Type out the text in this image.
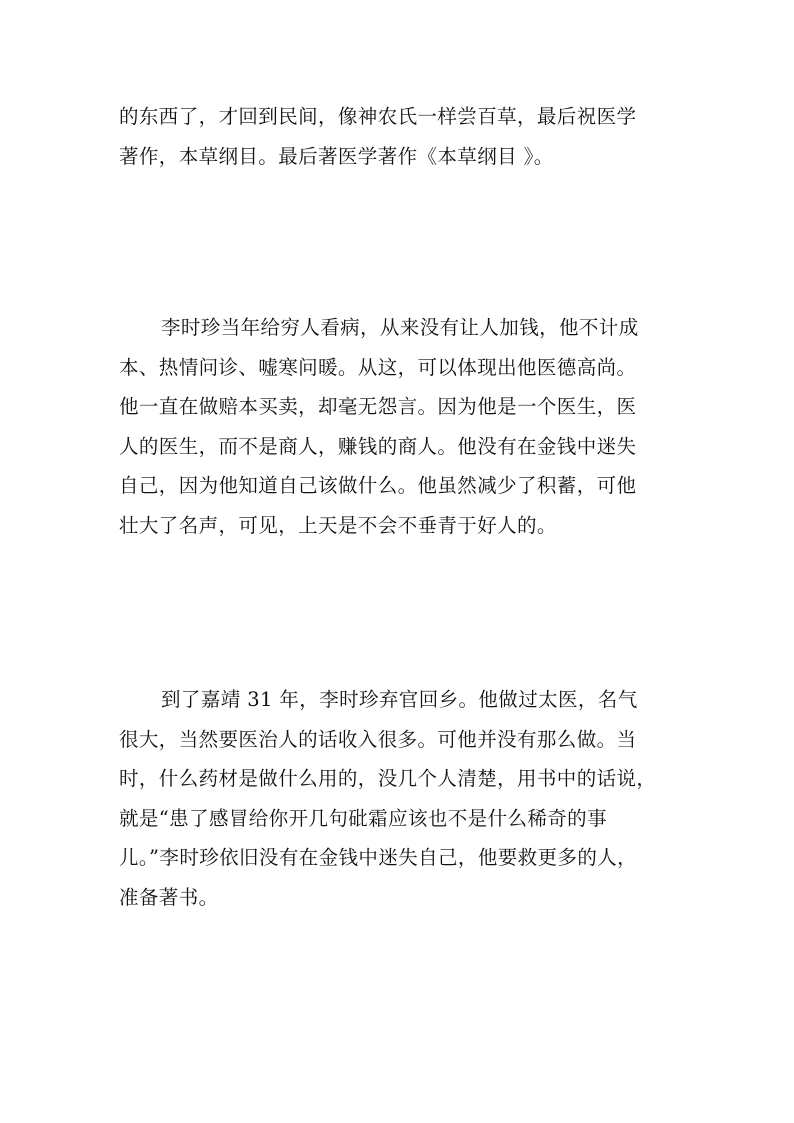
的东西了，才回到民间，像神农氏一样尝百草，最后祝医学
著作，本草纲目。最后著医学著作《本草纲目 》。
李时珍当年给穷人看病，从来没有让人加钱，他不计成
本、热情问诊、嘘寒问暖。从这，可以体现出他医德高尚。
他一直在做赔本买卖，却毫无怨言。因为他是一个医生，医
人的医生，而不是商人，赚钱的商人。他没有在金钱中迷失
自己，因为他知道自己该做什么。他虽然减少了积蓄，可他
壮大了名声，可见，上天是不会不垂青于好人的。
到了嘉靖 31 年，李时珍弃官回乡。他做过太医，名气
很大，当然要医治人的话收入很多。可他并没有那么做。当
时，什么药材是做什么用的，没几个人清楚，用书中的话说，
就是“患了感冒给你开几句砒霜应该也不是什么稀奇的事
儿。”李时珍依旧没有在金钱中迷失自己，他要救更多的人，
准备著书。
